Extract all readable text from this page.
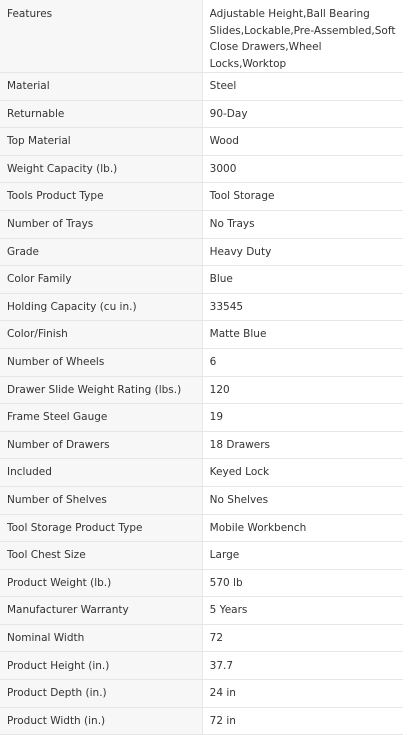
Features	Adjustable Height,Ball Bearing Slides,Lockable,Pre-Assembled,Soft Close Drawers,Wheel Locks,Worktop
Material	Steel
Returnable	90-Day
Top Material	Wood
Weight Capacity (lb.)	3000
Tools Product Type	Tool Storage
Number of Trays	No Trays
Grade	Heavy Duty
Color Family	Blue
Holding Capacity (cu in.)	33545
Color/Finish	Matte Blue
Number of Wheels	6
Drawer Slide Weight Rating (lbs.)	120
Frame Steel Gauge	19
Number of Drawers	18 Drawers
Included	Keyed Lock
Number of Shelves	No Shelves
Tool Storage Product Type	Mobile Workbench
Tool Chest Size	Large
Product Weight (lb.)	570 lb
Manufacturer Warranty	5 Years
Nominal Width	72
Product Height (in.)	37.7
Product Depth (in.)	24 in
Product Width (in.)	72 in
